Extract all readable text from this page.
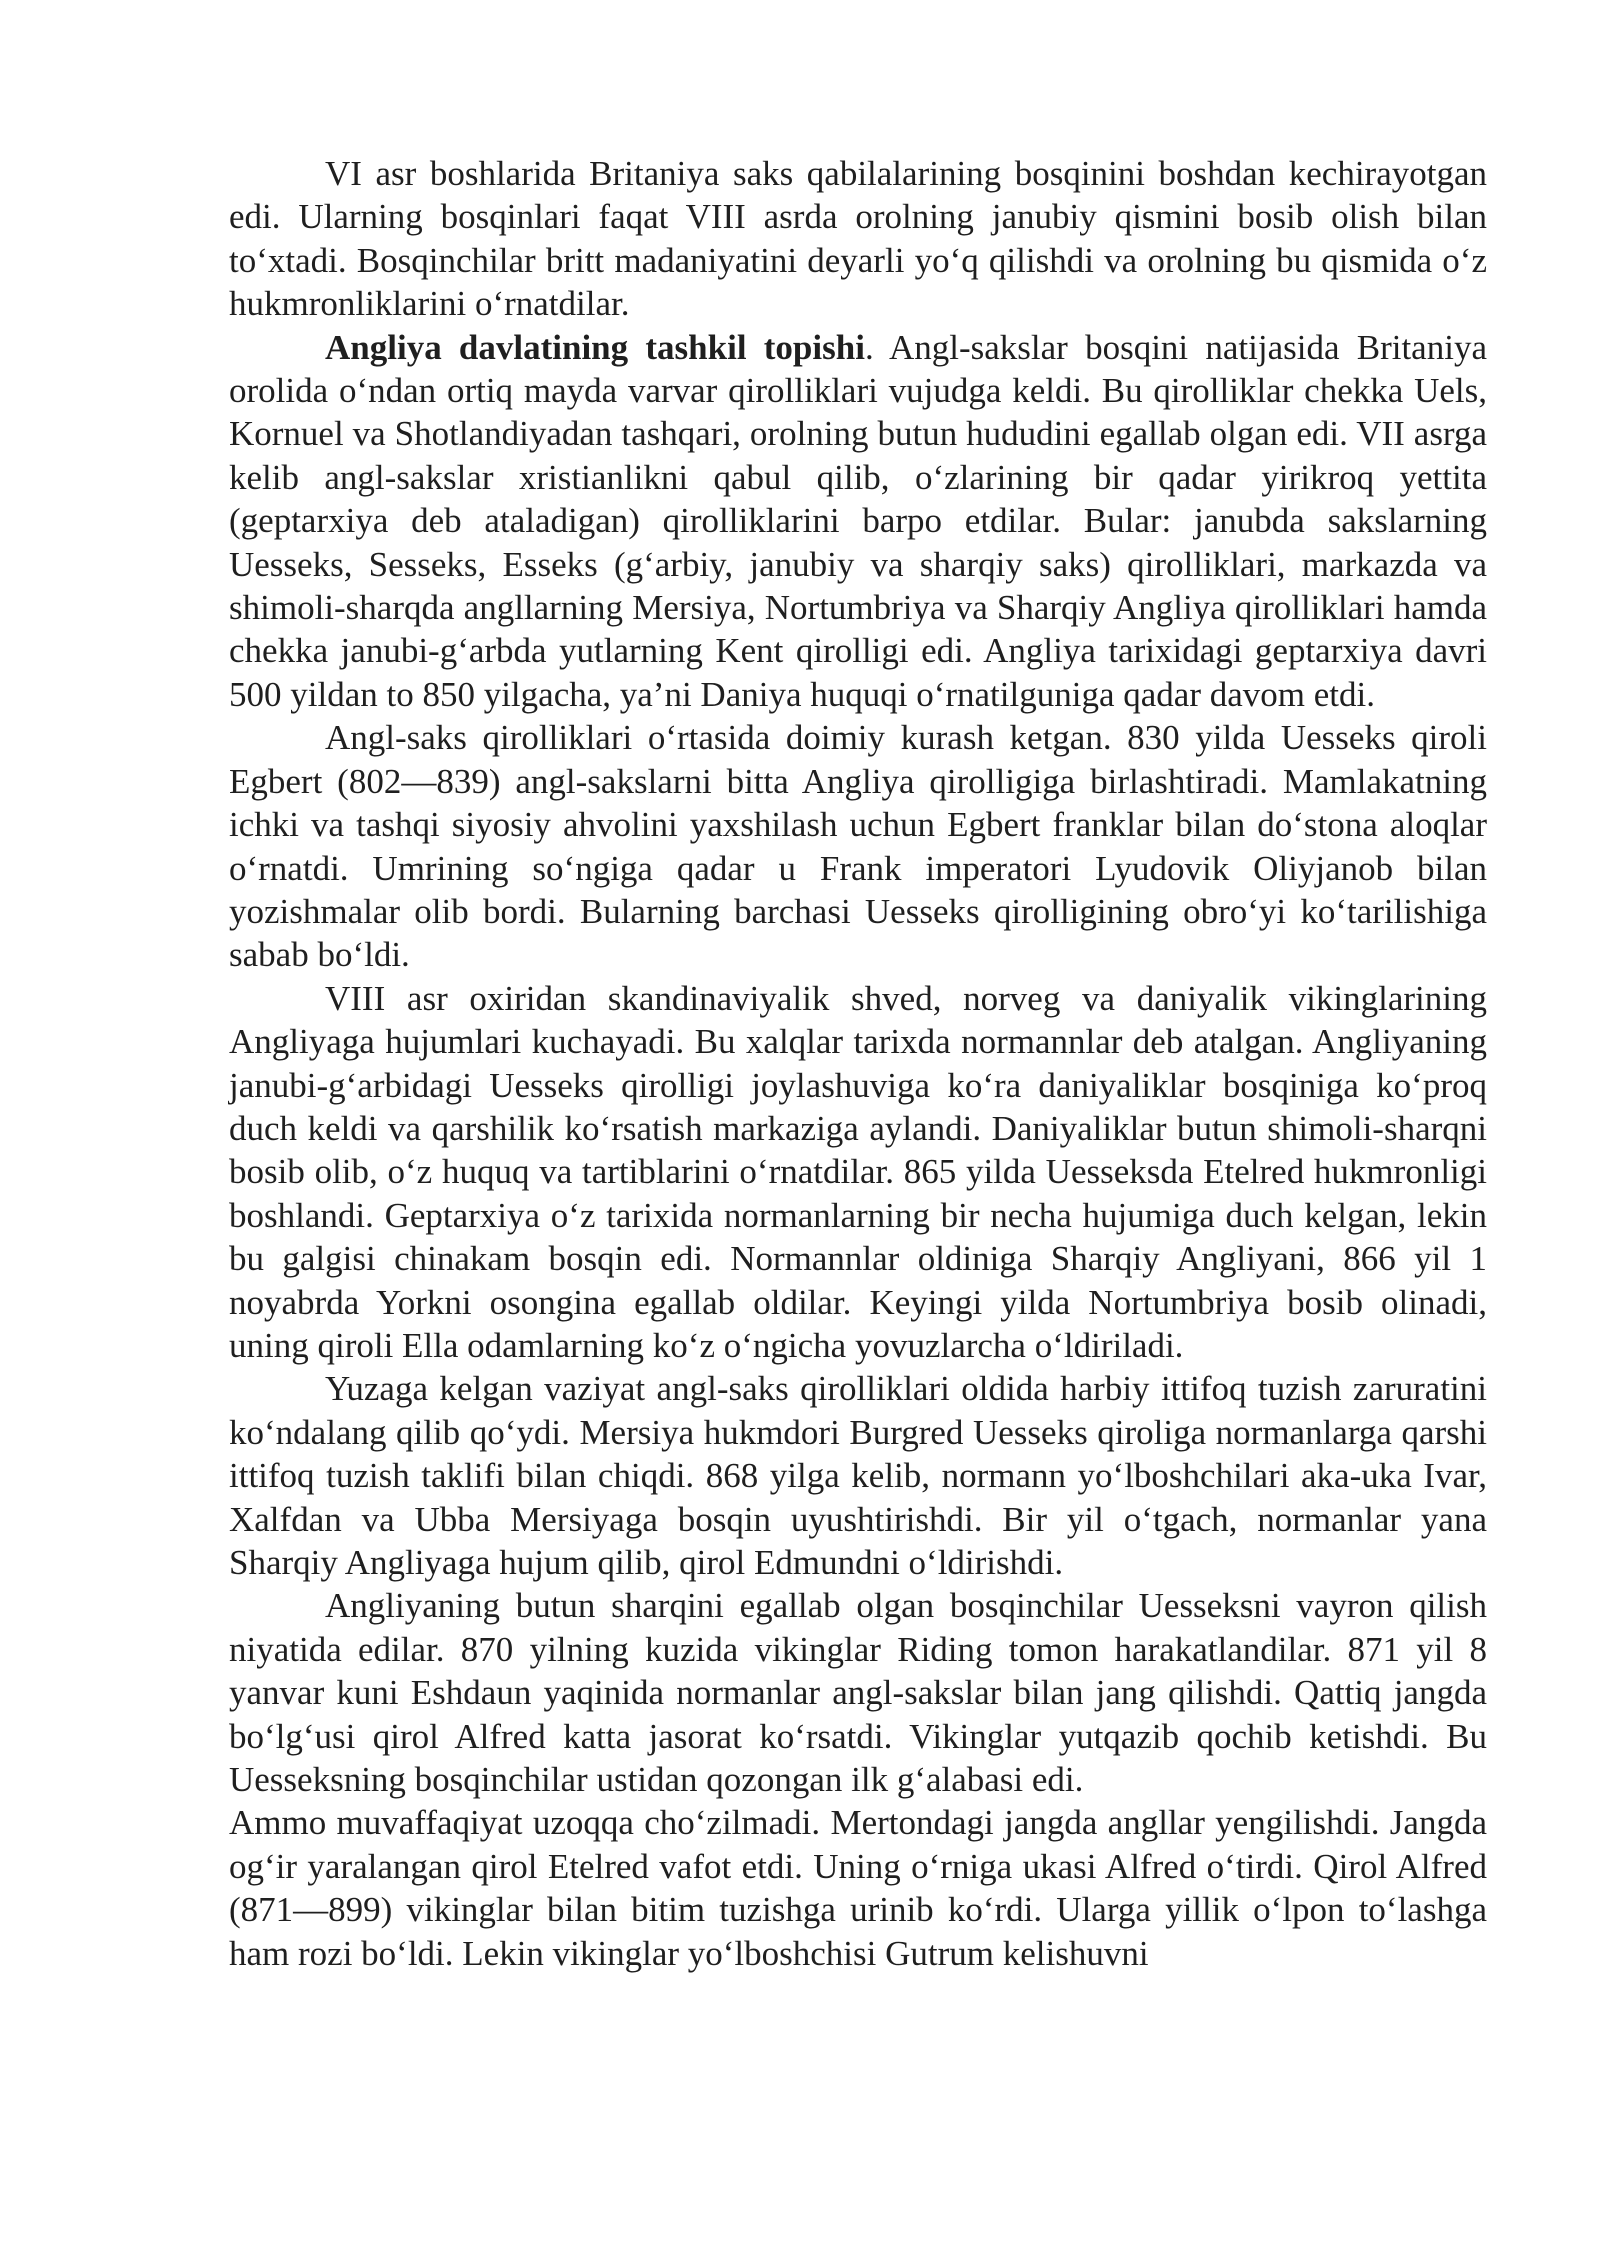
VI asr boshlarida Britaniya saks qabilalarining bosqinini boshdan kechirayotgan edi. Ularning bosqinlari faqat VIII asrda orolning janubiy qismini bosib olish bilan toʻxtadi. Bosqinchilar britt madaniyatini deyarli yoʻq qilishdi va orolning bu qismida oʻz hukmronliklarini oʻrnatdilar.

Angliya davlatining tashkil topishi. Angl-sakslar bosqini natijasida Britaniya orolida oʻndan ortiq mayda varvar qirolliklari vujudga keldi. Bu qirolliklar chekka Uels, Kornuel va Shotlandiyadan tashqari, orolning butun hududini egallab olgan edi. VII asrga kelib angl-sakslar xristianlikni qabul qilib, oʻzlarining bir qadar yirikroq yettita (geptarxiya deb ataladigan) qirolliklarini barpo etdilar. Bular: janubda sakslarning Uesseks, Sesseks, Esseks (gʻarbiy, janubiy va sharqiy saks) qirolliklari, markazda va shimoli-sharqda angllarning Mersiya, Nortumbriya va Sharqiy Angliya qirolliklari hamda chekka janubi-gʻarbda yutlarning Kent qirolligi edi. Angliya tarixidagi geptarxiya davri 500 yildan to 850 yilgacha, ya’ni Daniya huquqi oʻrnatilguniga qadar davom etdi.

Angl-saks qirolliklari oʻrtasida doimiy kurash ketgan. 830 yilda Uesseks qiroli Egbert (802—839) angl-sakslarni bitta Angliya qirolligiga birlashtiradi. Mamlakatning ichki va tashqi siyosiy ahvolini yaxshilash uchun Egbert franklar bilan doʻstona aloqlar oʻrnatdi. Umrining soʻngiga qadar u Frank imperatori Lyudovik Oliyjanob bilan yozishmalar olib bordi. Bularning barchasi Uesseks qirolligining obroʻyi koʻtarilishiga sabab boʻldi.

VIII asr oxiridan skandinaviyalik shved, norveg va daniyalik vikinglarining Angliyaga hujumlari kuchayadi. Bu xalqlar tarixda normannlar deb atalgan. Angliyaning janubi-gʻarbidagi Uesseks qirolligi joylashuviga koʻra daniyaliklar bosqiniga koʻproq duch keldi va qarshilik koʻrsatish markaziga aylandi. Daniyaliklar butun shimoli-sharqni bosib olib, oʻz huquq va tartiblarini oʻrnatdilar. 865 yilda Uesseksda Etelred hukmronligi boshlandi. Geptarxiya oʻz tarixida normanlarning bir necha hujumiga duch kelgan, lekin bu galgisi chinakam bosqin edi. Normannlar oldiniga Sharqiy Angliyani, 866 yil 1 noyabrda Yorkni osongina egallab oldilar. Keyingi yilda Nortumbriya bosib olinadi, uning qiroli Ella odamlarning koʻz oʻngicha yovuzlarcha oʻldiriladi.

Yuzaga kelgan vaziyat angl-saks qirolliklari oldida harbiy ittifoq tuzish zaruratini koʻndalang qilib qoʻydi. Mersiya hukmdori Burgred Uesseks qiroliga normanlarga qarshi ittifoq tuzish taklifi bilan chiqdi. 868 yilga kelib, normann yoʻlboshchilari aka-uka Ivar, Xalfdan va Ubba Mersiyaga bosqin uyushtirishdi. Bir yil oʻtgach, normanlar yana Sharqiy Angliyaga hujum qilib, qirol Edmundni oʻldirishdi.

Angliyaning butun sharqini egallab olgan bosqinchilar Uesseksni vayron qilish niyatida edilar. 870 yilning kuzida vikinglar Riding tomon harakatlandilar. 871 yil 8 yanvar kuni Eshdaun yaqinida normanlar angl-sakslar bilan jang qilishdi. Qattiq jangda boʻlgʻusi qirol Alfred katta jasorat koʻrsatdi. Vikinglar yutqazib qochib ketishdi. Bu Uesseksning bosqinchilar ustidan qozongan ilk gʻalabasi edi.

Ammo muvaffaqiyat uzoqqa choʻzilmadi. Mertondagi jangda angllar yengilishdi. Jangda ogʻir yaralangan qirol Etelred vafot etdi. Uning oʻrniga ukasi Alfred oʻtirdi. Qirol Alfred (871—899) vikinglar bilan bitim tuzishga urinib koʻrdi. Ularga yillik oʻlpon toʻlashga ham rozi boʻldi. Lekin vikinglar yoʻlboshchisi Gutrum kelishuvni
